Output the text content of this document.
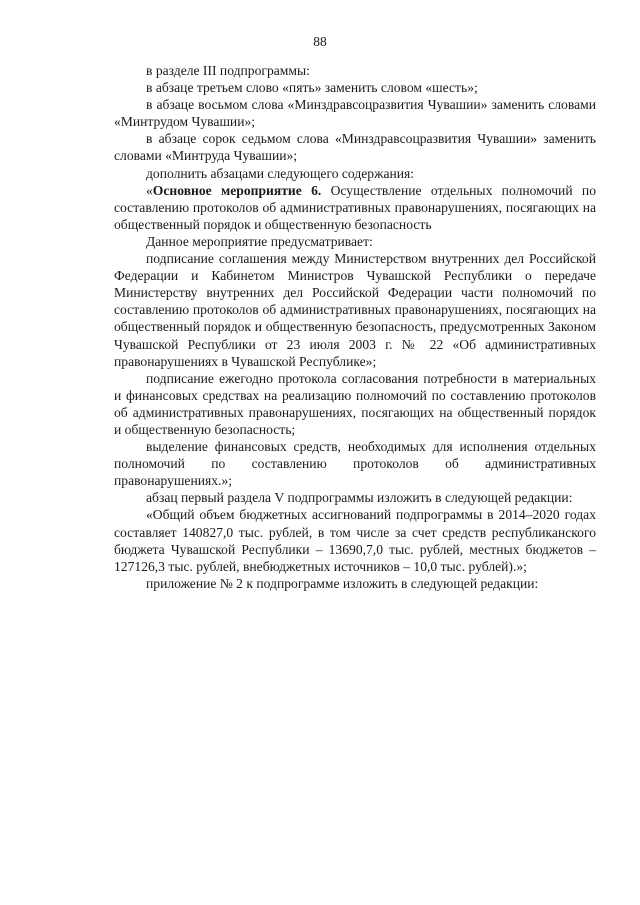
88

в разделе III подпрограммы:

в абзаце третьем слово «пять» заменить словом «шесть»;

в абзаце восьмом слова «Минздравсоцразвития Чувашии» заменить словами «Минтрудом Чувашии»;

в абзаце сорок седьмом слова «Минздравсоцразвития Чувашии» заменить словами «Минтруда Чувашии»;

дополнить абзацами следующего содержания:

«Основное мероприятие 6. Осуществление отдельных полномочий по составлению протоколов об административных правонарушениях, посягающих на общественный порядок и общественную безопасность

Данное мероприятие предусматривает:

подписание соглашения между Министерством внутренних дел Российской Федерации и Кабинетом Министров Чувашской Республики о передаче Министерству внутренних дел Российской Федерации части полномочий по составлению протоколов об административных правонарушениях, посягающих на общественный порядок и общественную безопасность, предусмотренных Законом Чувашской Республики от 23 июля 2003 г. № 22 «Об административных правонарушениях в Чувашской Республике»;

подписание ежегодно протокола согласования потребности в материальных и финансовых средствах на реализацию полномочий по составлению протоколов об административных правонарушениях, посягающих на общественный порядок и общественную безопасность;

выделение финансовых средств, необходимых для исполнения отдельных полномочий по составлению протоколов об административных правонарушениях.»;

абзац первый раздела V подпрограммы изложить в следующей редакции:

«Общий объем бюджетных ассигнований подпрограммы в 2014–2020 годах составляет 140827,0 тыс. рублей, в том числе за счет средств республиканского бюджета Чувашской Республики – 13690,7,0 тыс. рублей, местных бюджетов – 127126,3 тыс. рублей, внебюджетных источников – 10,0 тыс. рублей).»;

приложение № 2 к подпрограмме изложить в следующей редакции:
